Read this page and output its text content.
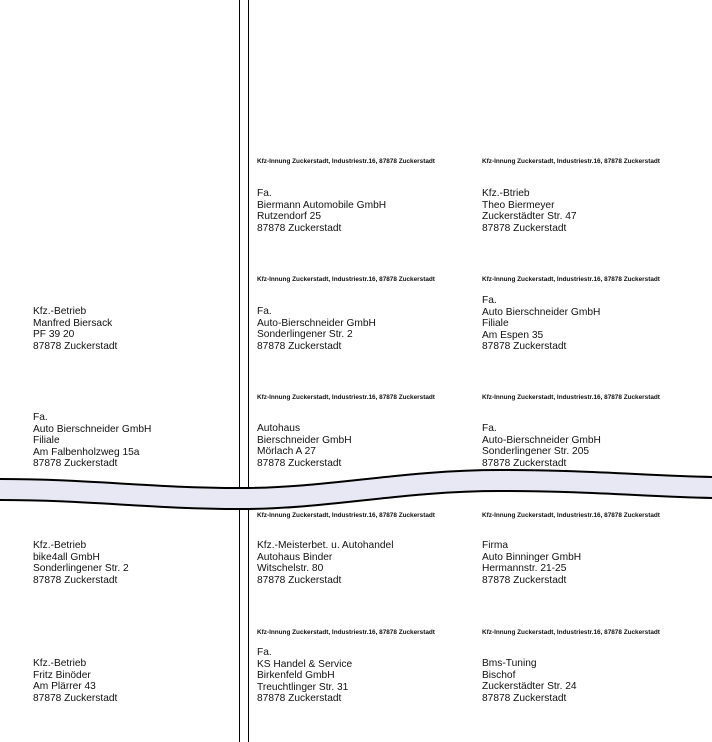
Kfz-Innung Zuckerstadt, Industriestr.16, 87878 Zuckerstadt	Kfz-Innung Zuckerstadt, Industriestr.16, 87878 Zuckerstadt
Kfz-Innung Zuckerstadt, Industriestr.16, 87878 Zuckerstadt	Kfz-Innung Zuckerstadt, Industriestr.16, 87878 Zuckerstadt
Kfz-Innung Zuckerstadt, Industriestr.16, 87878 Zuckerstadt	Kfz-Innung Zuckerstadt, Industriestr.16, 87878 Zuckerstadt
Kfz-Innung Zuckerstadt, Industriestr.16, 87878 Zuckerstadt	Kfz-Innung Zuckerstadt, Industriestr.16, 87878 Zuckerstadt
Kfz-Innung Zuckerstadt, Industriestr.16, 87878 Zuckerstadt	Kfz-Innung Zuckerstadt, Industriestr.16, 87878 Zuckerstadt
Fa.
Biermann Automobile GmbH
Rutzendorf 25
87878 Zuckerstadt
Kfz.-Btrieb
Theo Biermeyer
Zuckerstädter Str. 47
87878 Zuckerstadt
Kfz.-Betrieb
Manfred Biersack
PF 39 20
87878 Zuckerstadt
Fa.
Auto-Bierschneider GmbH
Sonderlingener Str. 2
87878 Zuckerstadt
Fa.
Auto Bierschneider GmbH
Filiale
Am Espen 35
87878 Zuckerstadt
Fa.
Auto Bierschneider GmbH
Filiale
Am Falbenholzweg 15a
87878 Zuckerstadt
Autohaus
Bierschneider GmbH
Mörlach A 27
87878 Zuckerstadt
Fa.
Auto-Bierschneider GmbH
Sonderlingener Str. 205
87878 Zuckerstadt
Kfz.-Betrieb
bike4all GmbH
Sonderlingener Str. 2
87878 Zuckerstadt
Kfz.-Meisterbet. u. Autohandel
Autohaus Binder
Witschelstr. 80
87878 Zuckerstadt
Firma
Auto Binninger GmbH
Hermannstr. 21-25
87878 Zuckerstadt
Kfz.-Betrieb
Fritz Binöder
Am Plärrer 43
87878 Zuckerstadt
Fa.
KS Handel & Service
Birkenfeld GmbH
Treuchtlinger Str. 31
87878 Zuckerstadt
Bms-Tuning
Bischof
Zuckerstädter Str. 24
87878 Zuckerstadt
